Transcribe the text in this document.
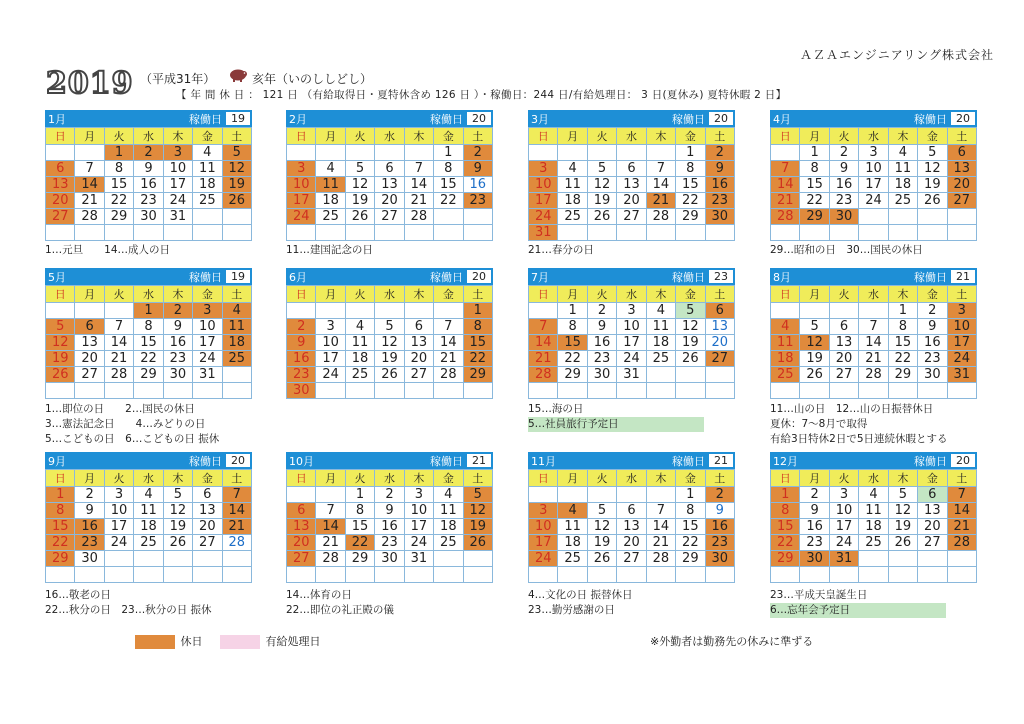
ＡＺＡエンジニアリング株式会社
2019 （平成31年）	亥年（いのししどし）
【 年 間 休 日 ： 121 日 （有給取得日・夏特休含め 126 日 ）・稼働日：244 日/有給処理日： 3 日(夏休み) 夏特休暇 2 日】
1月	稼働日 19
日	月	火	水	木	金	土
		1	2	3	4	5
6	7	8	9	10	11	12
13	14	15	16	17	18	19
20	21	22	23	24	25	26
27	28	29	30	31		

1…元旦　　14…成人の日
2月	稼働日 20
日	月	火	水	木	金	土
					1	2
3	4	5	6	7	8	9
10	11	12	13	14	15	16
17	18	19	20	21	22	23
24	25	26	27	28		

11…建国記念の日
3月	稼働日 20
日	月	火	水	木	金	土
					1	2
3	4	5	6	7	8	9
10	11	12	13	14	15	16
17	18	19	20	21	22	23
24	25	26	27	28	29	30
31						
21…春分の日
4月	稼働日 20
日	月	火	水	木	金	土
	1	2	3	4	5	6
7	8	9	10	11	12	13
14	15	16	17	18	19	20
21	22	23	24	25	26	27
28	29	30				

29…昭和の日　30…国民の休日
5月	稼働日 19
日	月	火	水	木	金	土
			1	2	3	4
5	6	7	8	9	10	11
12	13	14	15	16	17	18
19	20	21	22	23	24	25
26	27	28	29	30	31	

1…即位の日　　2…国民の休日
3…憲法記念日　　4…みどりの日
5…こどもの日　6…こどもの日 振休
6月	稼働日 20
日	月	火	水	木	金	土
						1
2	3	4	5	6	7	8
9	10	11	12	13	14	15
16	17	18	19	20	21	22
23	24	25	26	27	28	29
30						
7月	稼働日 23
日	月	火	水	木	金	土
	1	2	3	4	5	6
7	8	9	10	11	12	13
14	15	16	17	18	19	20
21	22	23	24	25	26	27
28	29	30	31			

15…海の日
5…社員旅行予定日
8月	稼働日 21
日	月	火	水	木	金	土
				1	2	3
4	5	6	7	8	9	10
11	12	13	14	15	16	17
18	19	20	21	22	23	24
25	26	27	28	29	30	31

11…山の日　12…山の日振替休日
夏休：7～8月で取得
有給3日特休2日で5日連続休暇とする
9月	稼働日 20
日	月	火	水	木	金	土
1	2	3	4	5	6	7
8	9	10	11	12	13	14
15	16	17	18	19	20	21
22	23	24	25	26	27	28
29	30					

16…敬老の日
22…秋分の日　23…秋分の日 振休
10月	稼働日 21
日	月	火	水	木	金	土
		1	2	3	4	5
6	7	8	9	10	11	12
13	14	15	16	17	18	19
20	21	22	23	24	25	26
27	28	29	30	31		

14…体育の日
22…即位の礼正殿の儀
11月	稼働日 21
日	月	火	水	木	金	土
					1	2
3	4	5	6	7	8	9
10	11	12	13	14	15	16
17	18	19	20	21	22	23
24	25	26	27	28	29	30

4…文化の日 振替休日
23…勤労感謝の日
12月	稼働日 20
日	月	火	水	木	金	土
1	2	3	4	5	6	7
8	9	10	11	12	13	14
15	16	17	18	19	20	21
22	23	24	25	26	27	28
29	30	31				

23…平成天皇誕生日
6…忘年会予定日
休日	有給処理日	※外勤者は勤務先の休みに準ずる
